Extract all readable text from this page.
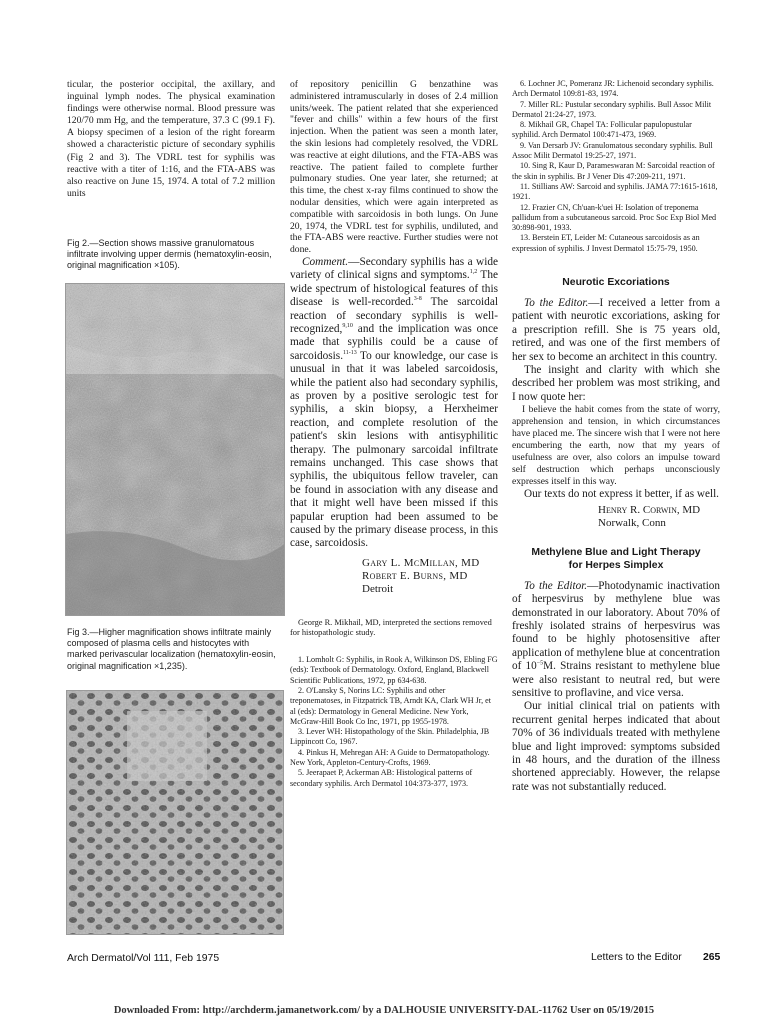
ticular, the posterior occipital, the axillary, and inguinal lymph nodes. The physical examination findings were otherwise normal. Blood pressure was 120/70 mm Hg, and the temperature, 37.3 C (99.1 F). A biopsy specimen of a lesion of the right forearm showed a characteristic picture of secondary syphilis (Fig 2 and 3). The VDRL test for syphilis was reactive with a titer of 1:16, and the FTA-ABS was also reactive on June 15, 1974. A total of 7.2 million units

Fig 2.—Section shows massive granulomatous infiltrate involving upper dermis (hematoxylin-eosin, original magnification ×105).

Fig 3.—Higher magnification shows infiltrate mainly composed of plasma cells and histocytes with marked perivascular localization (hematoxylin-eosin, original magnification ×1,235).

of repository penicillin G benzathine was administered intramuscularly in doses of 2.4 million units/week. The patient related that she experienced "fever and chills" within a few hours of the first injection. When the patient was seen a month later, the skin lesions had completely resolved, the VDRL was reactive at eight dilutions, and the FTA-ABS was reactive. The patient failed to complete further pulmonary studies. One year later, she returned; at this time, the chest x-ray films continued to show the nodular densities, which were again interpreted as compatible with sarcoidosis in both lungs. On June 20, 1974, the VDRL test for syphilis, undiluted, and the FTA-ABS were reactive. Further studies were not done.

Comment.—Secondary syphilis has a wide variety of clinical signs and symptoms.$^{1,2}$ The wide spectrum of histological features of this disease is well-recorded.$^{3-8}$ The sarcoidal reaction of secondary syphilis is well-recognized,$^{9,10}$ and the implication was once made that syphilis could be a cause of sarcoidosis.$^{11-13}$ To our knowledge, our case is unusual in that it was labeled sarcoidosis, while the patient also had secondary syphilis, as proven by a positive serologic test for syphilis, a skin biopsy, a Herxheimer reaction, and complete resolution of the patient's skin lesions with antisyphilitic therapy. The pulmonary sarcoidal infiltrate remains unchanged. This case shows that syphilis, the ubiquitous fellow traveler, can be found in association with any disease and that it might well have been missed if this papular eruption had been assumed to be caused by the primary disease process, in this case, sarcoidosis.

Gary L. McMillan, MD
Robert E. Burns, MD
Detroit

George R. Mikhail, MD, interpreted the sections removed for histopathologic study.

1. Lomholt G: Syphilis, in Rook A, Wilkinson DS, Ebling FG (eds): Textbook of Dermatology. Oxford, England, Blackwell Scientific Publications, 1972, pp 634-638.
2. O'Lansky S, Norins LC: Syphilis and other treponematoses, in Fitzpatrick TB, Arndt KA, Clark WH Jr, et al (eds): Dermatology in General Medicine. New York, McGraw-Hill Book Co Inc, 1971, pp 1955-1978.
3. Lever WH: Histopathology of the Skin. Philadelphia, JB Lippincott Co, 1967.
4. Pinkus H, Mehregan AH: A Guide to Dermatopathology. New York, Appleton-Century-Crofts, 1969.
5. Jeerapaet P, Ackerman AB: Histological patterns of secondary syphilis. Arch Dermatol 104:373-377, 1973.
6. Lochner JC, Pomeranz JR: Lichenoid secondary syphilis. Arch Dermatol 109:81-83, 1974.
7. Miller RL: Pustular secondary syphilis. Bull Assoc Milit Dermatol 21:24-27, 1973.
8. Mikhail GR, Chapel TA: Follicular papulopustular syphilid. Arch Dermatol 100:471-473, 1969.
9. Van Dersarb JV: Granulomatous secondary syphilis. Bull Assoc Milit Dermatol 19:25-27, 1971.
10. Sing R, Kaur D, Parameswaran M: Sarcoidal reaction of the skin in syphilis. Br J Vener Dis 47:209-211, 1971.
11. Stillians AW: Sarcoid and syphilis. JAMA 77:1615-1618, 1921.
12. Frazier CN, Ch'uan-k'uei H: Isolation of treponema pallidum from a subcutaneous sarcoid. Proc Soc Exp Biol Med 30:898-901, 1933.
13. Berstein ET, Leider M: Cutaneous sarcoidosis as an expression of syphilis. J Invest Dermatol 15:75-79, 1950.
Neurotic Excoriations

To the Editor.—I received a letter from a patient with neurotic excoriations, asking for a prescription refill. She is 75 years old, retired, and was one of the first members of her sex to become an architect in this country.

The insight and clarity with which she described her problem was most striking, and I now quote her:

I believe the habit comes from the state of worry, apprehension and tension, in which circumstances have placed me. The sincere wish that I were not here encumbering the earth, now that my years of usefulness are over, also colors an impulse toward self destruction which perhaps unconsciously expresses itself in this way.

Our texts do not express it better, if as well.

Henry R. Corwin, MD
Norwalk, Conn
Methylene Blue and Light Therapy
for Herpes Simplex

To the Editor.—Photodynamic inactivation of herpesvirus by methylene blue was demonstrated in our laboratory. About 70% of freshly isolated strains of herpesvirus was found to be highly photosensitive after application of methylene blue at concentration of $10^{-5}M$. Strains resistant to methylene blue were also resistant to neutral red, but were sensitive to proflavine, and vice versa.

Our initial clinical trial on patients with recurrent genital herpes indicated that about 70% of 36 individuals treated with methylene blue and light improved: symptoms subsided in 48 hours, and the duration of the illness shortened appreciably. However, the relapse rate was not substantially reduced.

Arch Dermatol/Vol 111, Feb 1975	Letters to the Editor 265
Downloaded From: http://archderm.jamanetwork.com/ by a DALHOUSIE UNIVERSITY-DAL-11762 User on 05/19/2015
